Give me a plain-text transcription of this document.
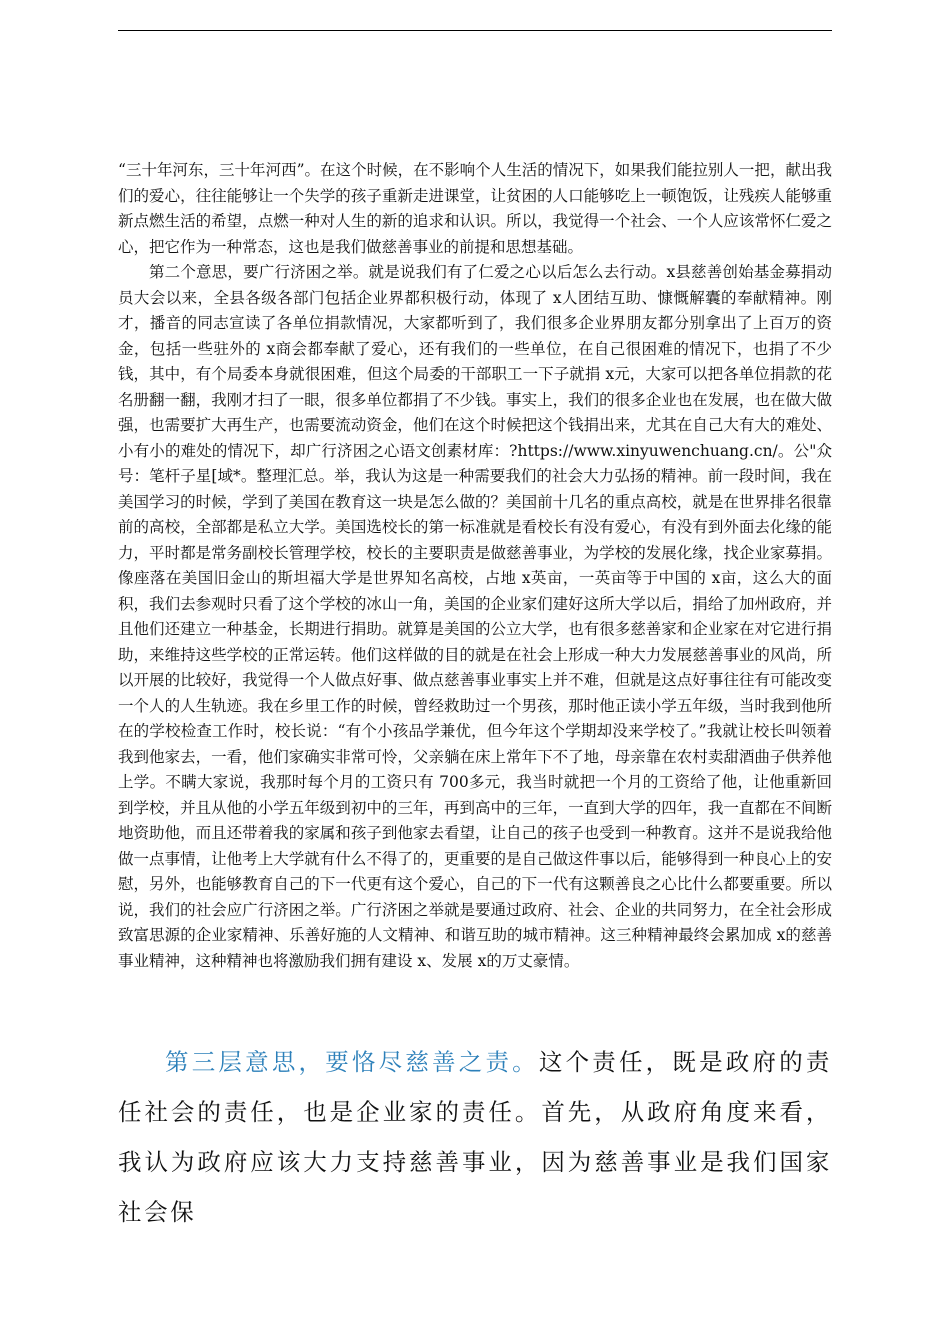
“三十年河东，三十年河西”。在这个时候，在不影响个人生活的情况下，如果我们能拉别人一把，献出我们的爱心，往往能够让一个失学的孩子重新走进课堂，让贫困的人口能够吃上一顿饱饭，让残疾人能够重新点燃生活的希望，点燃一种对人生的新的追求和认识。所以，我觉得一个社会、一个人应该常怀仁爱之心，把它作为一种常态，这也是我们做慈善事业的前提和思想基础。

第二个意思，要广行济困之举。就是说我们有了仁爱之心以后怎么去行动。x县慈善创始基金募捐动员大会以来，全县各级各部门包括企业界都积极行动，体现了 x人团结互助、慷慨解囊的奉献精神。刚才，播音的同志宣读了各单位捐款情况，大家都听到了，我们很多企业界朋友都分别拿出了上百万的资金，包括一些驻外的 x商会都奉献了爱心，还有我们的一些单位，在自己很困难的情况下，也捐了不少钱，其中，有个局委本身就很困难，但这个局委的干部职工一下子就捐 x元，大家可以把各单位捐款的花名册翻一翻，我刚才扫了一眼，很多单位都捐了不少钱。事实上，我们的很多企业也在发展，也在做大做强，也需要扩大再生产，也需要流动资金，他们在这个时候把这个钱捐出来，尤其在自己大有大的难处、小有小的难处的情况下，却广行济困之心语文创素材库：?https://www.xinyuwenchuang.cn/。公"众号：笔杆子星[域*。整理汇总。举，我认为这是一种需要我们的社会大力弘扬的精神。前一段时间，我在美国学习的时候，学到了美国在教育这一块是怎么做的？美国前十几名的重点高校，就是在世界排名很靠前的高校，全部都是私立大学。美国选校长的第一标准就是看校长有没有爱心，有没有到外面去化缘的能力，平时都是常务副校长管理学校，校长的主要职责是做慈善事业，为学校的发展化缘，找企业家募捐。像座落在美国旧金山的斯坦福大学是世界知名高校，占地 x英亩，一英亩等于中国的 x亩，这么大的面积，我们去参观时只看了这个学校的冰山一角，美国的企业家们建好这所大学以后，捐给了加州政府，并且他们还建立一种基金，长期进行捐助。就算是美国的公立大学，也有很多慈善家和企业家在对它进行捐助，来维持这些学校的正常运转。他们这样做的目的就是在社会上形成一种大力发展慈善事业的风尚，所以开展的比较好，我觉得一个人做点好事、做点慈善事业事实上并不难，但就是这点好事往往有可能改变一个人的人生轨迹。我在乡里工作的时候，曾经救助过一个男孩，那时他正读小学五年级，当时我到他所在的学校检查工作时，校长说：“有个小孩品学兼优，但今年这个学期却没来学校了。”我就让校长叫领着我到他家去，一看，他们家确实非常可怜，父亲躺在床上常年下不了地，母亲靠在农村卖甜酒曲子供养他上学。不瞒大家说，我那时每个月的工资只有 700多元，我当时就把一个月的工资给了他，让他重新回到学校，并且从他的小学五年级到初中的三年，再到高中的三年，一直到大学的四年，我一直都在不间断地资助他，而且还带着我的家属和孩子到他家去看望，让自己的孩子也受到一种教育。这并不是说我给他做一点事情，让他考上大学就有什么不得了的，更重要的是自己做这件事以后，能够得到一种良心上的安慰，另外，也能够教育自己的下一代更有这个爱心，自己的下一代有这颗善良之心比什么都要重要。所以说，我们的社会应广行济困之举。广行济困之举就是要通过政府、社会、企业的共同努力，在全社会形成致富思源的企业家精神、乐善好施的人文精神、和谐互助的城市精神。这三种精神最终会累加成 x的慈善事业精神，这种精神也将激励我们拥有建设 x、发展 x的万丈豪情。

第三层意思，要恪尽慈善之责。这个责任，既是政府的责任社会的责任，也是企业家的责任。首先，从政府角度来看，我认为政府应该大力支持慈善事业，因为慈善事业是我们国家社会保
